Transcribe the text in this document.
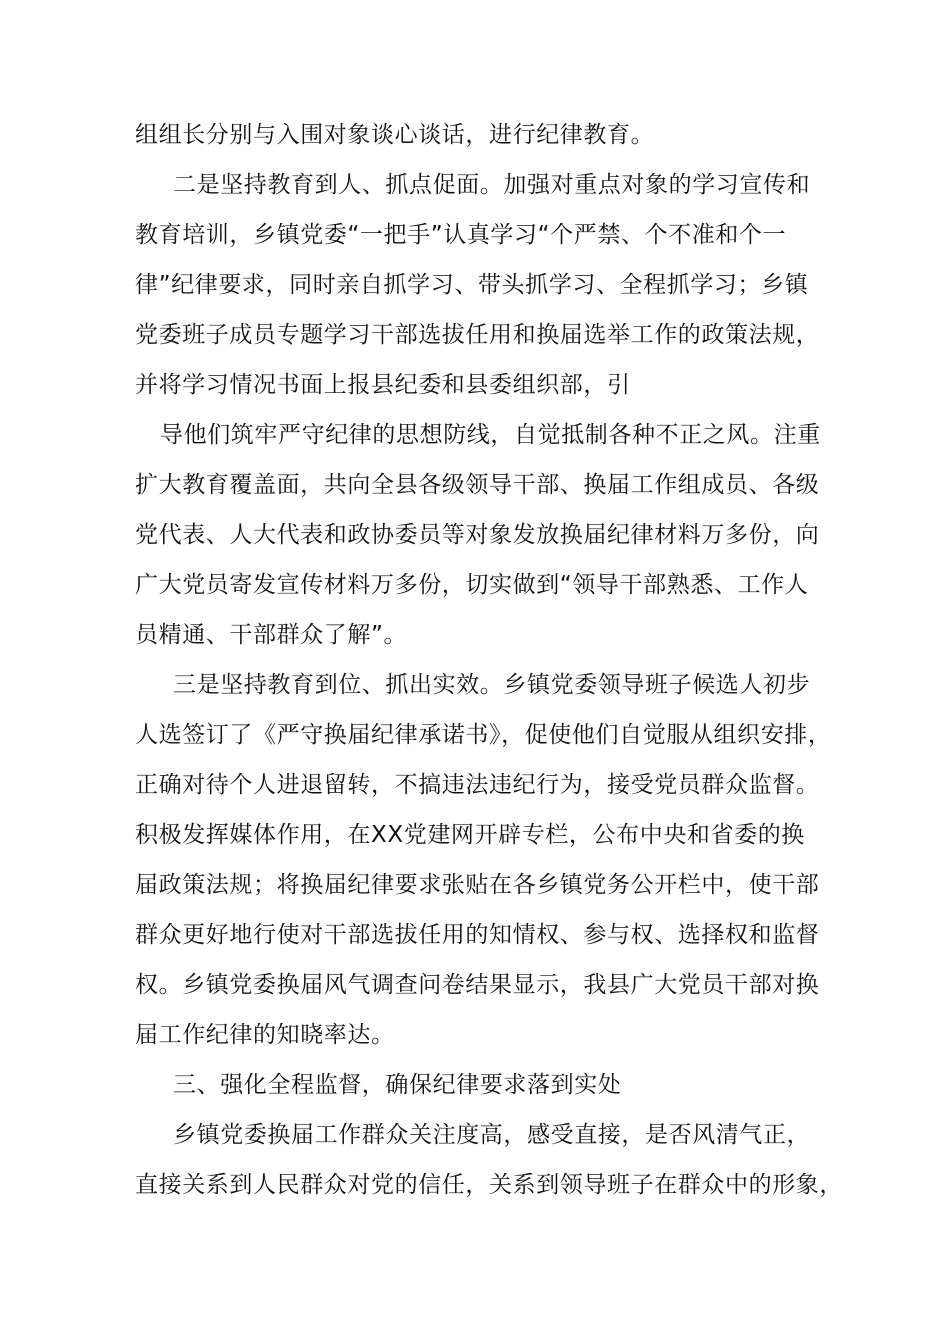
组组长分别与入围对象谈心谈话，进行纪律教育。
二是坚持教育到人、抓点促面。加强对重点对象的学习宣传和
教育培训，乡镇党委“一把手”认真学习“个严禁、个不准和个一
律”纪律要求，同时亲自抓学习、带头抓学习、全程抓学习；乡镇
党委班子成员专题学习干部选拔任用和换届选举工作的政策法规，
并将学习情况书面上报县纪委和县委组织部，引
导他们筑牢严守纪律的思想防线，自觉抵制各种不正之风。注重
扩大教育覆盖面，共向全县各级领导干部、换届工作组成员、各级
党代表、人大代表和政协委员等对象发放换届纪律材料万多份，向
广大党员寄发宣传材料万多份，切实做到“领导干部熟悉、工作人
员精通、干部群众了解”。
三是坚持教育到位、抓出实效。乡镇党委领导班子候选人初步
人选签订了《严守换届纪律承诺书》，促使他们自觉服从组织安排，
正确对待个人进退留转，不搞违法违纪行为，接受党员群众监督。
积极发挥媒体作用，在XX党建网开辟专栏，公布中央和省委的换
届政策法规；将换届纪律要求张贴在各乡镇党务公开栏中，使干部
群众更好地行使对干部选拔任用的知情权、参与权、选择权和监督
权。乡镇党委换届风气调查问卷结果显示，我县广大党员干部对换
届工作纪律的知晓率达。
三、强化全程监督，确保纪律要求落到实处
乡镇党委换届工作群众关注度高，感受直接，是否风清气正，
直接关系到人民群众对党的信任，关系到领导班子在群众中的形象，
